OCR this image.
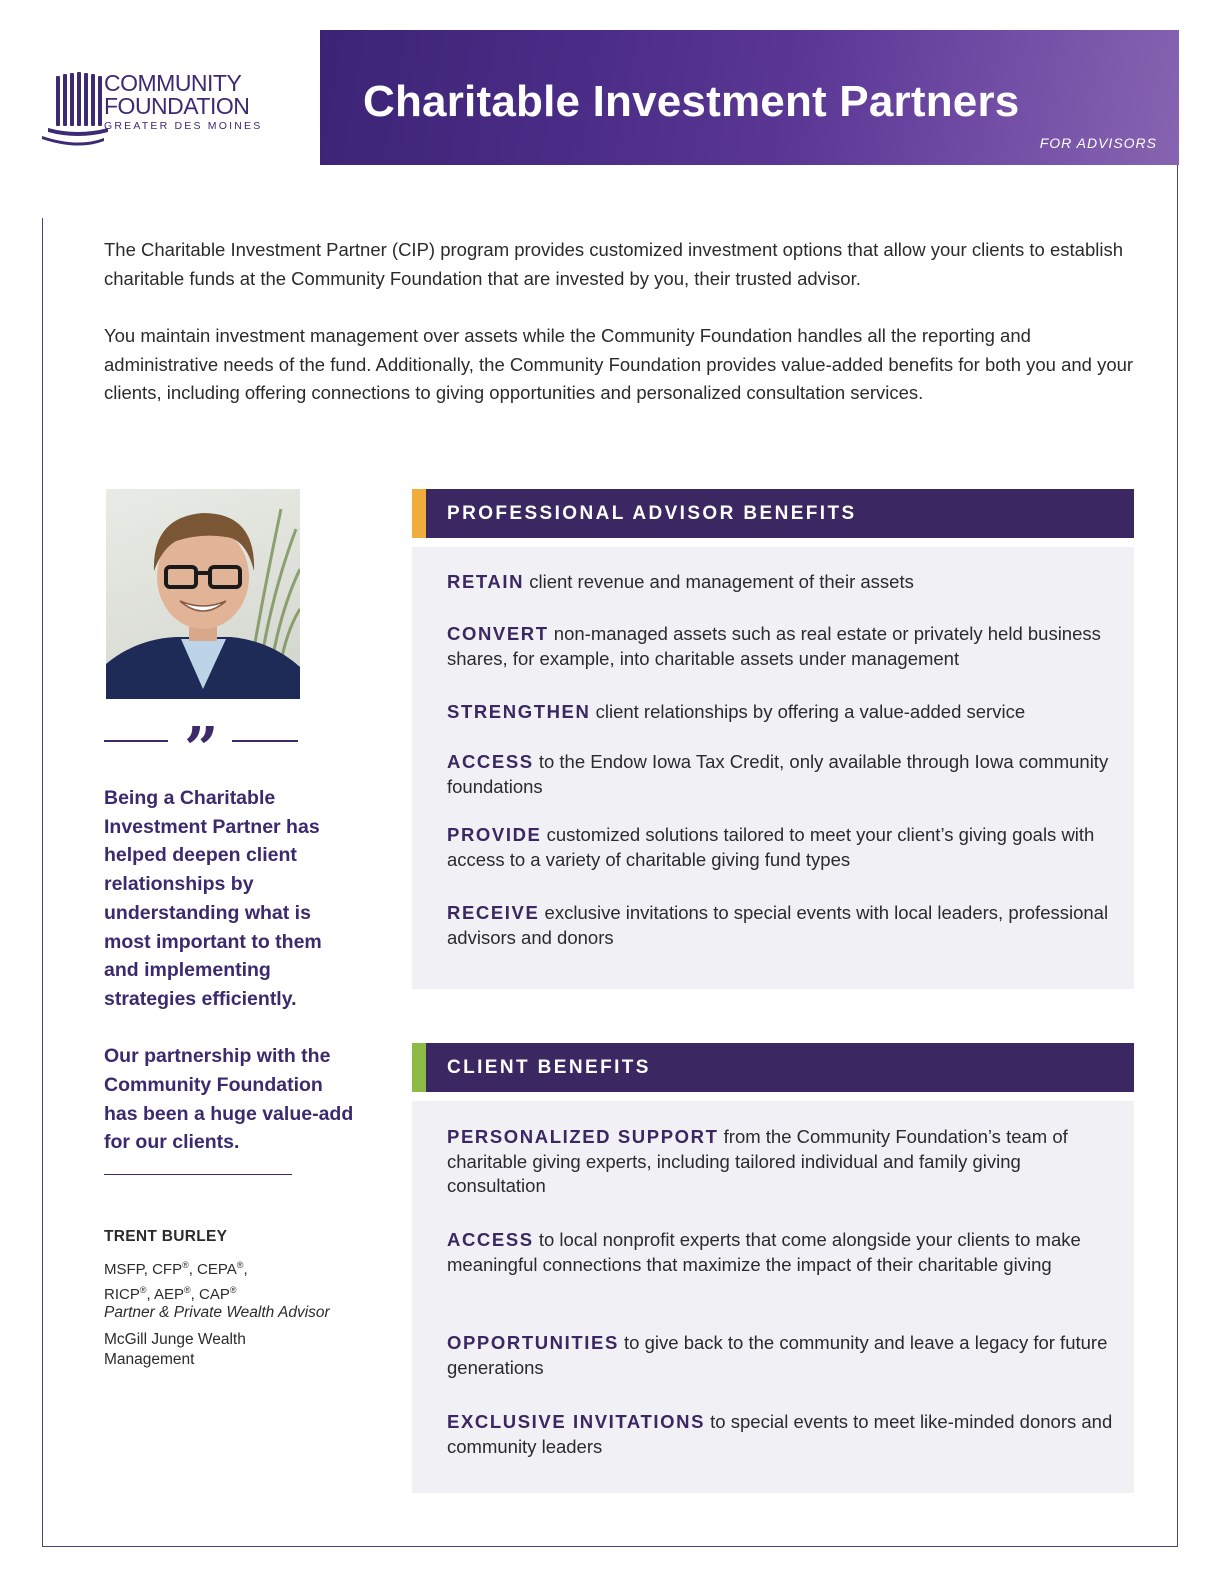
COMMUNITY
FOUNDATION
GREATER DES MOINES Charitable Investment Partners
FOR ADVISORS

The Charitable Investment Partner (CIP) program provides customized investment options that allow your clients to establish charitable funds at the Community Foundation that are invested by you, their trusted advisor.

You maintain investment management over assets while the Community Foundation handles all the reporting and administrative needs of the fund. Additionally, the Community Foundation provides value-added benefits for both you and your clients, including offering connections to giving opportunities and personalized consultation services.

”

Being a Charitable Investment Partner has helped deepen client relationships by understanding what is most important to them and implementing strategies efficiently.

Our partnership with the Community Foundation has been a huge value-add for our clients.

TRENT BURLEY
MSFP, CFP®, CEPA®,
RICP®, AEP®, CAP®
Partner & Private Wealth Advisor
McGill Junge Wealth Management
PROFESSIONAL ADVISOR BENEFITS
RETAIN client revenue and management of their assets
CONVERT non-managed assets such as real estate or privately held business shares, for example, into charitable assets under management
STRENGTHEN client relationships by offering a value-added service
ACCESS to the Endow Iowa Tax Credit, only available through Iowa community foundations
PROVIDE customized solutions tailored to meet your client’s giving goals with access to a variety of charitable giving fund types
RECEIVE exclusive invitations to special events with local leaders, professional advisors and donors
CLIENT BENEFITS
PERSONALIZED SUPPORT from the Community Foundation’s team of charitable giving experts, including tailored individual and family giving consultation
ACCESS to local nonprofit experts that come alongside your clients to make meaningful connections that maximize the impact of their charitable giving
OPPORTUNITIES to give back to the community and leave a legacy for future generations
EXCLUSIVE INVITATIONS to special events to meet like-minded donors and community leaders
